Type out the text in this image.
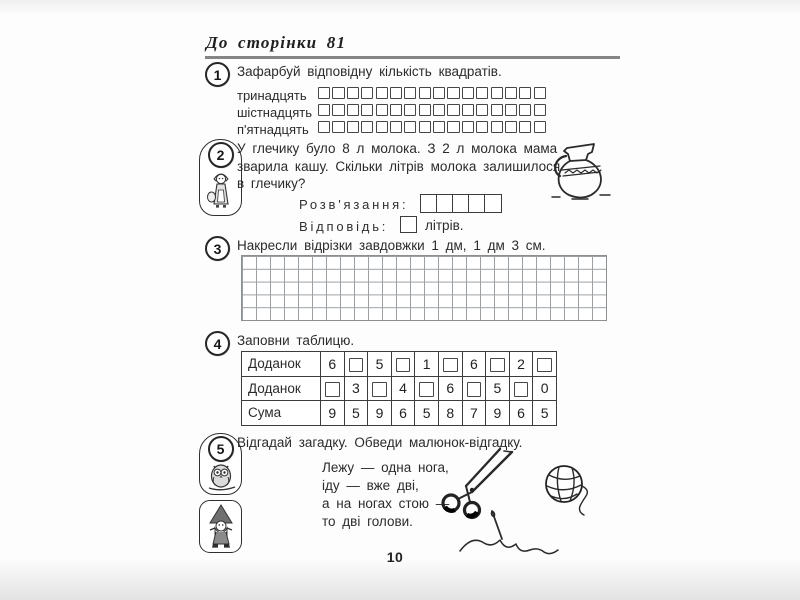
До сторінки 81
1 Зафарбуй відповідну кількість квадратів.
тринадцять
шістнадцять
п'ятнадцять
2 У глечику було 8 л молока. З 2 л молока мама
зварила кашу. Скільки літрів молока залишилося
в глечику?
Розв'язання:
Відповідь:	літрів.
3 Накресли відрізки завдовжки 1 дм, 1 дм 3 см.
4 Заповни таблицю.
Доданок	6		5		1		6		2	
Доданок		3		4		6		5		0
Сума	9	5	9	6	5	8	7	9	6	5
5 Відгадай загадку. Обведи малюнок-відгадку.
Лежу — одна нога,
іду — вже дві,
а на ногах стою —
то дві голови.
10
